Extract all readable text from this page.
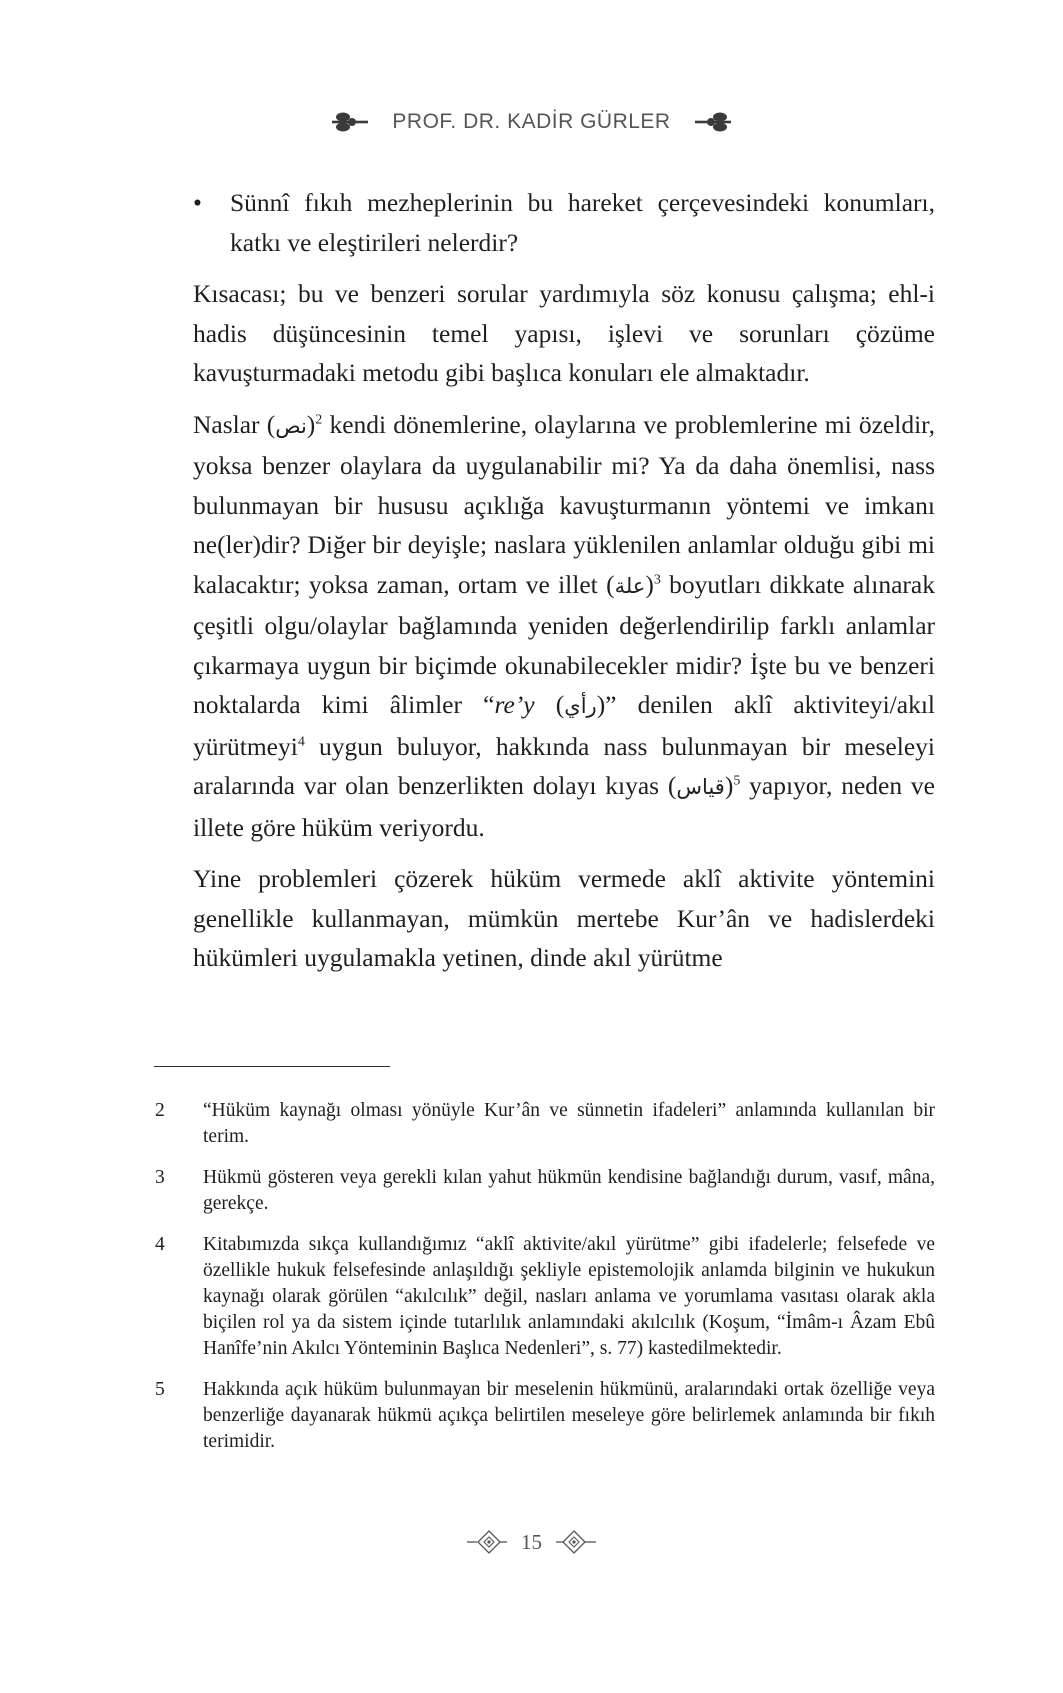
PROF. DR. KADİR GÜRLER
•	Sünnî fıkıh mezheplerinin bu hareket çerçevesindeki konumları, katkı ve eleştirileri nelerdir?

Kısacası; bu ve benzeri sorular yardımıyla söz konusu çalışma; ehl-i hadis düşüncesinin temel yapısı, işlevi ve sorunları çözüme kavuşturmadaki metodu gibi başlıca konuları ele almaktadır.

Naslar (نص)$^2$ kendi dönemlerine, olaylarına ve problemlerine mi özeldir, yoksa benzer olaylara da uygulanabilir mi? Ya da daha önemlisi, nass bulunmayan bir hususu açıklığa kavuşturmanın yöntemi ve imkanı ne(ler)dir? Diğer bir deyişle; naslara yüklenilen anlamlar olduğu gibi mi kalacaktır; yoksa zaman, ortam ve illet (علة)$^3$ boyutları dikkate alınarak çeşitli olgu/olaylar bağlamında yeniden değerlendirilip farklı anlamlar çıkarmaya uygun bir biçimde okunabilecekler midir? İşte bu ve benzeri noktalarda kimi âlimler “re’y (رأي)” denilen aklî aktiviteyi/akıl yürütmeyi$^4$ uygun buluyor, hakkında nass bulunmayan bir meseleyi aralarında var olan benzerlikten dolayı kıyas (قياس)$^5$ yapıyor, neden ve illete göre hüküm veriyordu.

Yine problemleri çözerek hüküm vermede aklî aktivite yöntemini genellikle kullanmayan, mümkün mertebe Kur’ân ve hadislerdeki hükümleri uygulamakla yetinen, dinde akıl yürütme

2	“Hüküm kaynağı olması yönüyle Kur’ân ve sünnetin ifadeleri” anlamında kullanılan bir terim.
3	Hükmü gösteren veya gerekli kılan yahut hükmün kendisine bağlandığı durum, vasıf, mâna, gerekçe.
4	Kitabımızda sıkça kullandığımız “aklî aktivite/akıl yürütme” gibi ifadelerle; felsefede ve özellikle hukuk felsefesinde anlaşıldığı şekliyle epistemolojik anlamda bilginin ve hukukun kaynağı olarak görülen “akılcılık” değil, nasları anlama ve yorumlama vasıtası olarak akla biçilen rol ya da sistem içinde tutarlılık anlamındaki akılcılık (Koşum, “İmâm-ı Âzam Ebû Hanîfe’nin Akılcı Yönteminin Başlıca Nedenleri”, s. 77) kastedilmektedir.
5	Hakkında açık hüküm bulunmayan bir meselenin hükmünü, aralarındaki ortak özelliğe veya benzerliğe dayanarak hükmü açıkça belirtilen meseleye göre belirlemek anlamında bir fıkıh terimidir.
15
